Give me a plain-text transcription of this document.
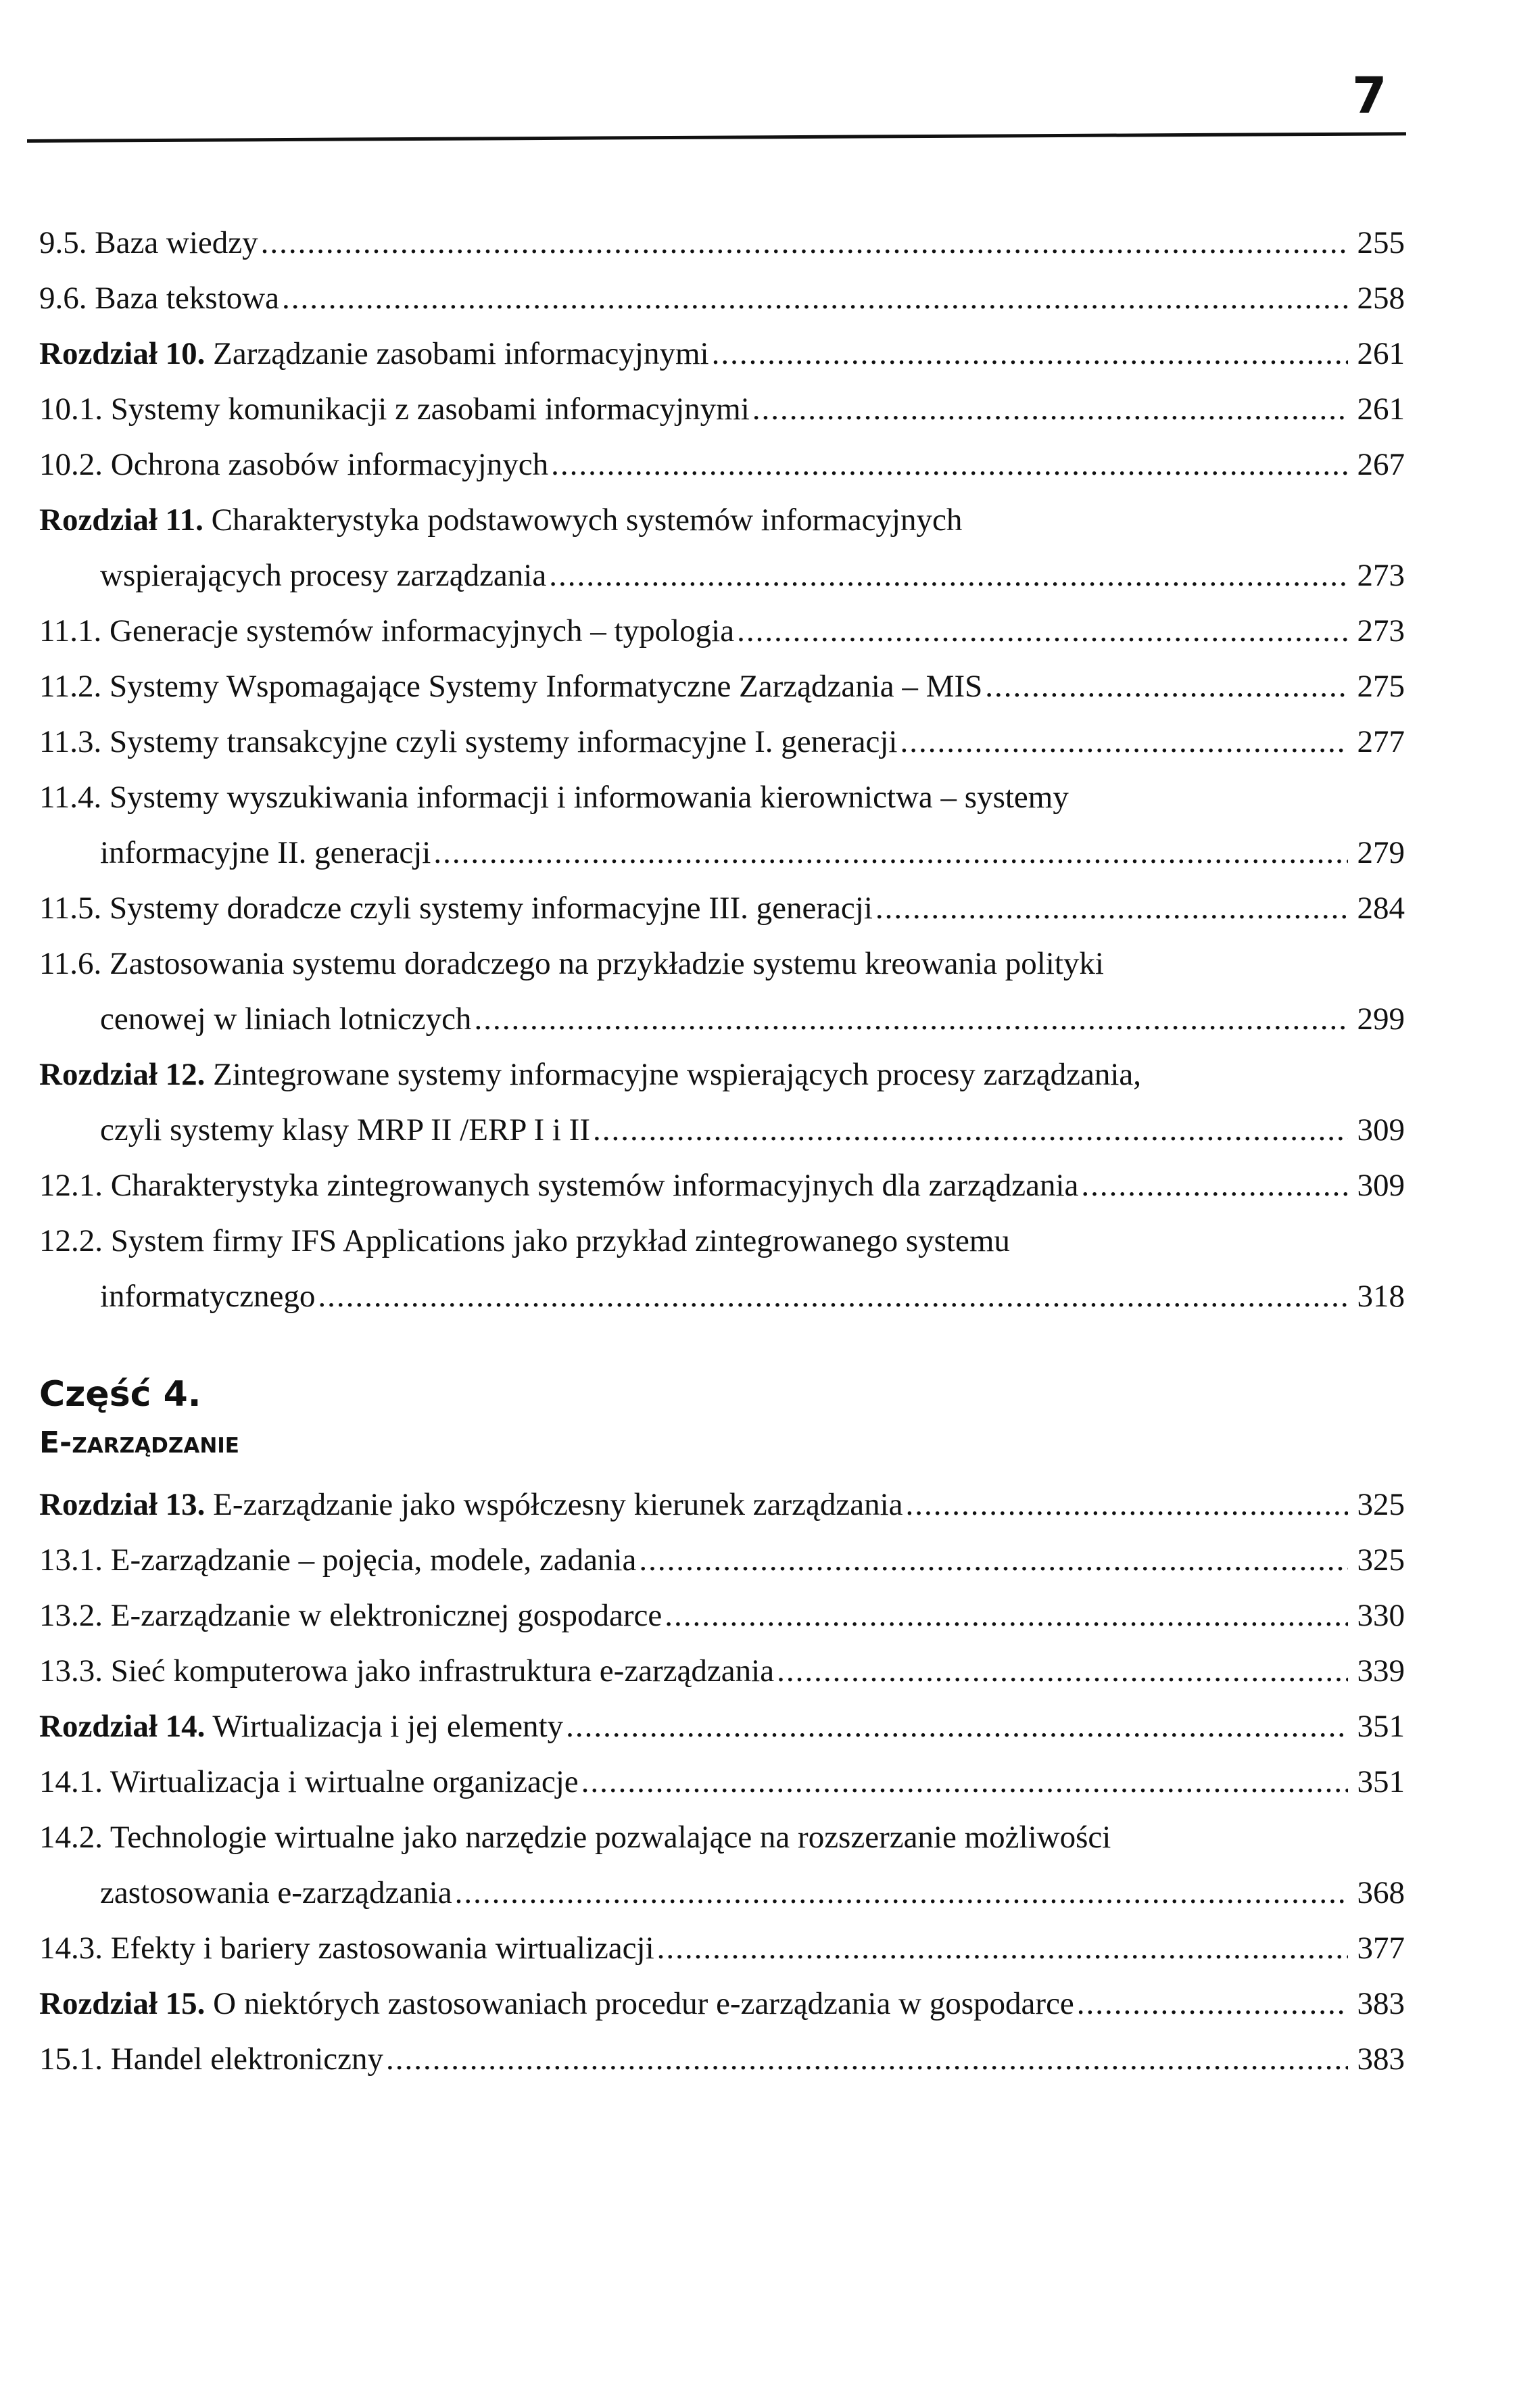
7
9.5. Baza wiedzy .....	255
9.6. Baza tekstowa .....	258
Rozdział 10. Zarządzanie zasobami informacyjnymi .....	261
10.1. Systemy komunikacji z zasobami informacyjnymi .....	261
10.2. Ochrona zasobów informacyjnych .....	267
Rozdział 11. Charakterystyka podstawowych systemów informacyjnych
wspierających procesy zarządzania .....	273
11.1. Generacje systemów informacyjnych – typologia .....	273
11.2. Systemy Wspomagające Systemy Informatyczne Zarządzania – MIS .....	275
11.3. Systemy transakcyjne czyli systemy informacyjne I. generacji .....	277
11.4. Systemy wyszukiwania informacji i informowania kierownictwa – systemy
informacyjne II. generacji .....	279
11.5. Systemy doradcze czyli systemy informacyjne III. generacji .....	284
11.6. Zastosowania systemu doradczego na przykładzie systemu kreowania polityki
cenowej w liniach lotniczych .....	299
Rozdział 12. Zintegrowane systemy informacyjne wspierających procesy zarządzania,
czyli systemy klasy MRP II /ERP I i II .....	309
12.1. Charakterystyka zintegrowanych systemów informacyjnych dla zarządzania .....	309
12.2. System firmy IFS Applications jako przykład zintegrowanego systemu
informatycznego .....	318
Część 4.
E-zarządzanie
Rozdział 13. E-zarządzanie jako współczesny kierunek zarządzania .....	325
13.1. E-zarządzanie – pojęcia, modele, zadania .....	325
13.2. E-zarządzanie w elektronicznej gospodarce .....	330
13.3. Sieć komputerowa jako infrastruktura e-zarządzania .....	339
Rozdział 14. Wirtualizacja i jej elementy .....	351
14.1. Wirtualizacja i wirtualne organizacje .....	351
14.2. Technologie wirtualne jako narzędzie pozwalające na rozszerzanie możliwości
zastosowania e-zarządzania .....	368
14.3. Efekty i bariery zastosowania wirtualizacji .....	377
Rozdział 15. O niektórych zastosowaniach procedur e-zarządzania w gospodarce .....	383
15.1. Handel elektroniczny .....	383
